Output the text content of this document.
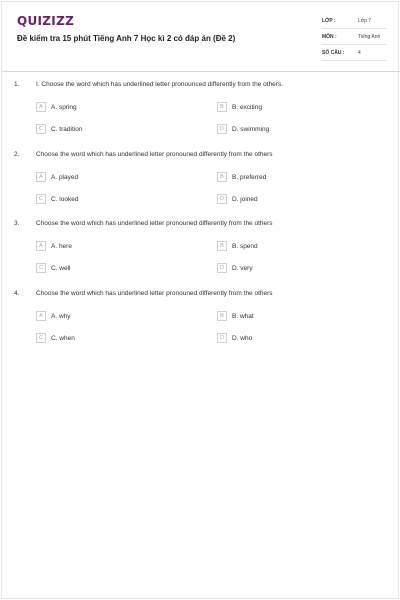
QUIZIZZ
Đề kiểm tra 15 phút Tiếng Anh 7 Học kì 2 có đáp án (Đề 2)
LỚP :	Lớp 7
MÔN :	Tiếng Anh
SỐ CÂU :	4
1.	I. Choose the word which has underlined letter pronounced differently from the others.
A	A. spring	B	B. exciting
C	C. tradition	D	D. swimming
2.	Choose the word which has underlined letter pronouned differently from the others
A	A. played	B	B. preferred
C	C. looked	D	D. joined
3.	Choose the word which has underlined letter pronouned differently from the others
A	A. here	B	B. spend
C	C. well	D	D. very
4.	Choose the word which has underlined letter pronouned differently from the others
A	A. why	B	B. what
C	C. when	D	D. who
